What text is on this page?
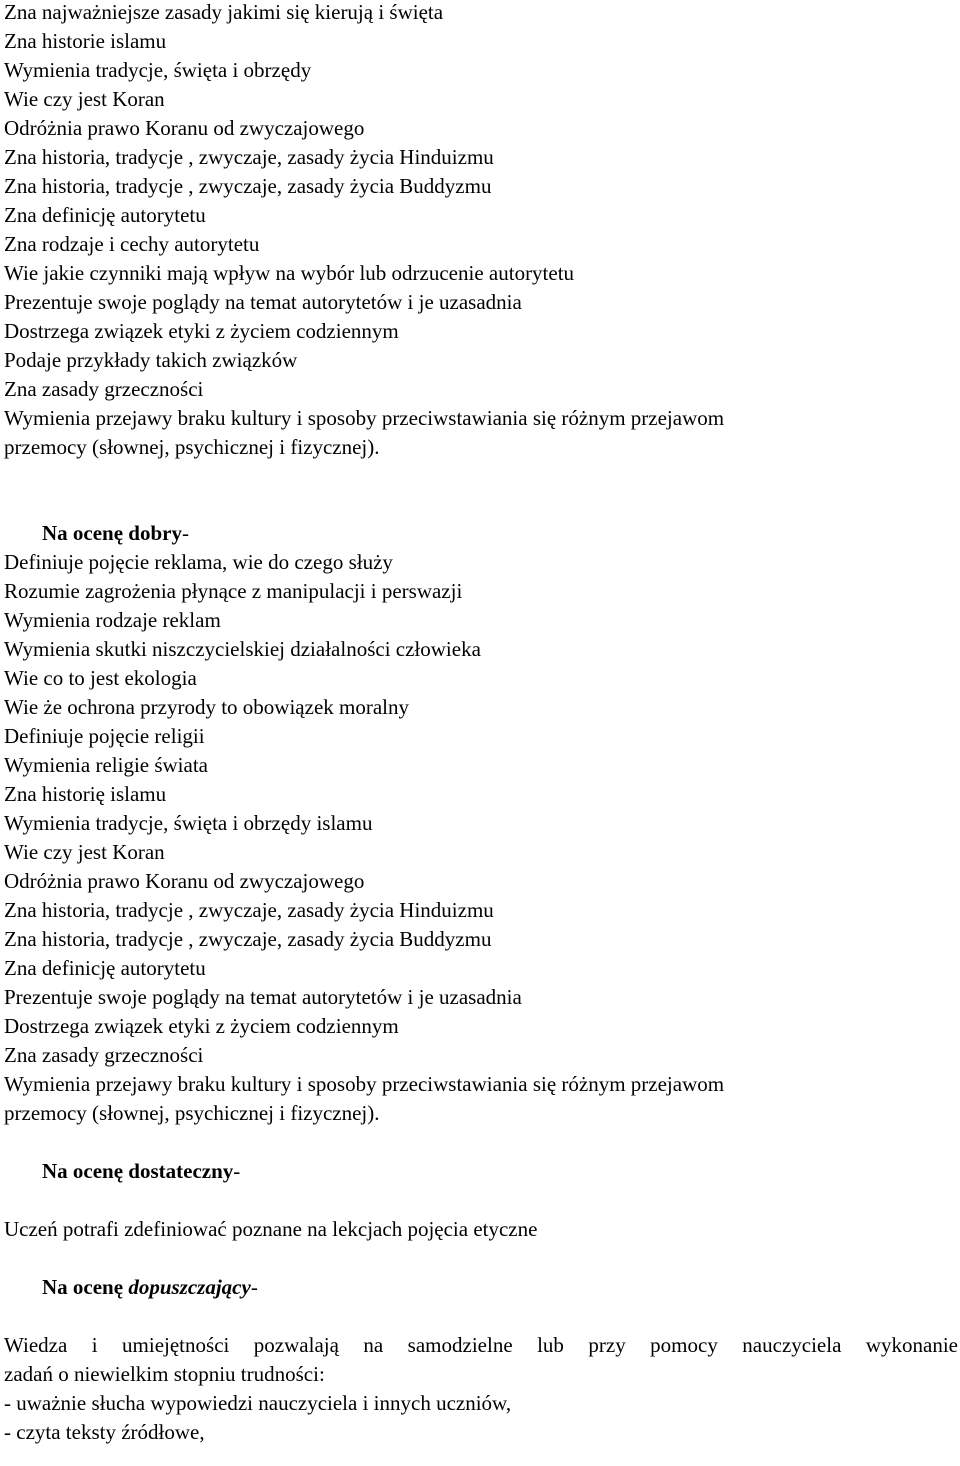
Zna najważniejsze zasady jakimi się kierują i święta
Zna historie islamu
Wymienia tradycje, święta i obrzędy
Wie czy jest Koran
Odróżnia prawo Koranu od zwyczajowego
Zna historia, tradycje , zwyczaje, zasady życia Hinduizmu
Zna historia, tradycje , zwyczaje, zasady życia Buddyzmu
Zna definicję autorytetu
Zna rodzaje i cechy autorytetu
Wie jakie czynniki mają wpływ na wybór lub odrzucenie autorytetu
Prezentuje swoje poglądy na temat autorytetów i je uzasadnia
Dostrzega związek etyki z życiem codziennym
Podaje przykłady takich związków
Zna zasady grzeczności
Wymienia przejawy braku kultury i sposoby przeciwstawiania się różnym przejawom
przemocy (słownej, psychicznej i fizycznej).
Na ocenę dobry-
Definiuje pojęcie reklama, wie do czego służy
Rozumie zagrożenia płynące z manipulacji i perswazji
Wymienia rodzaje reklam
Wymienia skutki niszczycielskiej działalności człowieka
Wie co to jest ekologia
Wie że ochrona przyrody to obowiązek moralny
Definiuje pojęcie religii
Wymienia religie świata
Zna historię islamu
Wymienia tradycje, święta i obrzędy islamu
Wie czy jest Koran
Odróżnia prawo Koranu od zwyczajowego
Zna historia, tradycje , zwyczaje, zasady życia Hinduizmu
Zna historia, tradycje , zwyczaje, zasady życia Buddyzmu
Zna definicję autorytetu
Prezentuje swoje poglądy na temat autorytetów i je uzasadnia
Dostrzega związek etyki z życiem codziennym
Zna zasady grzeczności
Wymienia przejawy braku kultury i sposoby przeciwstawiania się różnym przejawom
przemocy (słownej, psychicznej i fizycznej).
Na ocenę dostateczny-
Uczeń potrafi zdefiniować poznane na lekcjach pojęcia etyczne
Na ocenę dopuszczający-
Wiedza i umiejętności pozwalają na samodzielne lub przy pomocy nauczyciela wykonanie
zadań o niewielkim stopniu trudności:
- uważnie słucha wypowiedzi nauczyciela i innych uczniów,
- czyta teksty źródłowe,
